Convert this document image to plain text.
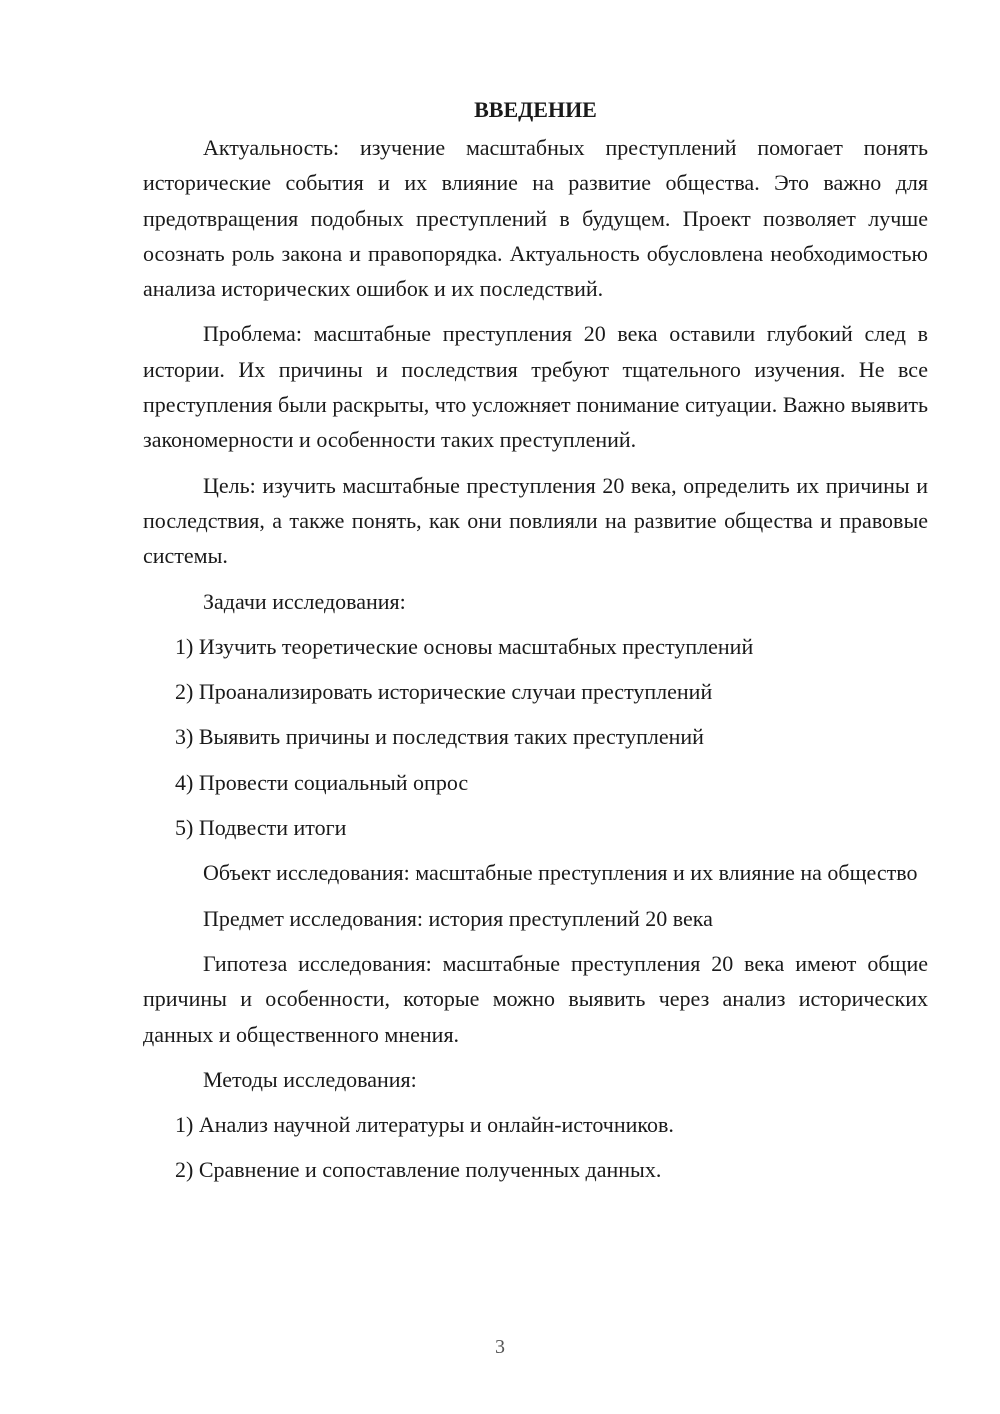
ВВЕДЕНИЕ

Актуальность: изучение масштабных преступлений помогает понять исторические события и их влияние на развитие общества. Это важно для предотвращения подобных преступлений в будущем. Проект позволяет лучше осознать роль закона и правопорядка. Актуальность обусловлена необходимостью анализа исторических ошибок и их последствий.

Проблема: масштабные преступления 20 века оставили глубокий след в истории. Их причины и последствия требуют тщательного изучения. Не все преступления были раскрыты, что усложняет понимание ситуации. Важно выявить закономерности и особенности таких преступлений.

Цель: изучить масштабные преступления 20 века, определить их причины и последствия, а также понять, как они повлияли на развитие общества и правовые системы.

Задачи исследования:

1) Изучить теоретические основы масштабных преступлений
2) Проанализировать исторические случаи преступлений
3) Выявить причины и последствия таких преступлений
4) Провести социальный опрос
5) Подвести итоги

Объект исследования: масштабные преступления и их влияние на общество

Предмет исследования: история преступлений 20 века

Гипотеза исследования: масштабные преступления 20 века имеют общие причины и особенности, которые можно выявить через анализ исторических данных и общественного мнения.

Методы исследования:

1) Анализ научной литературы и онлайн-источников.
2) Сравнение и сопоставление полученных данных.
3
